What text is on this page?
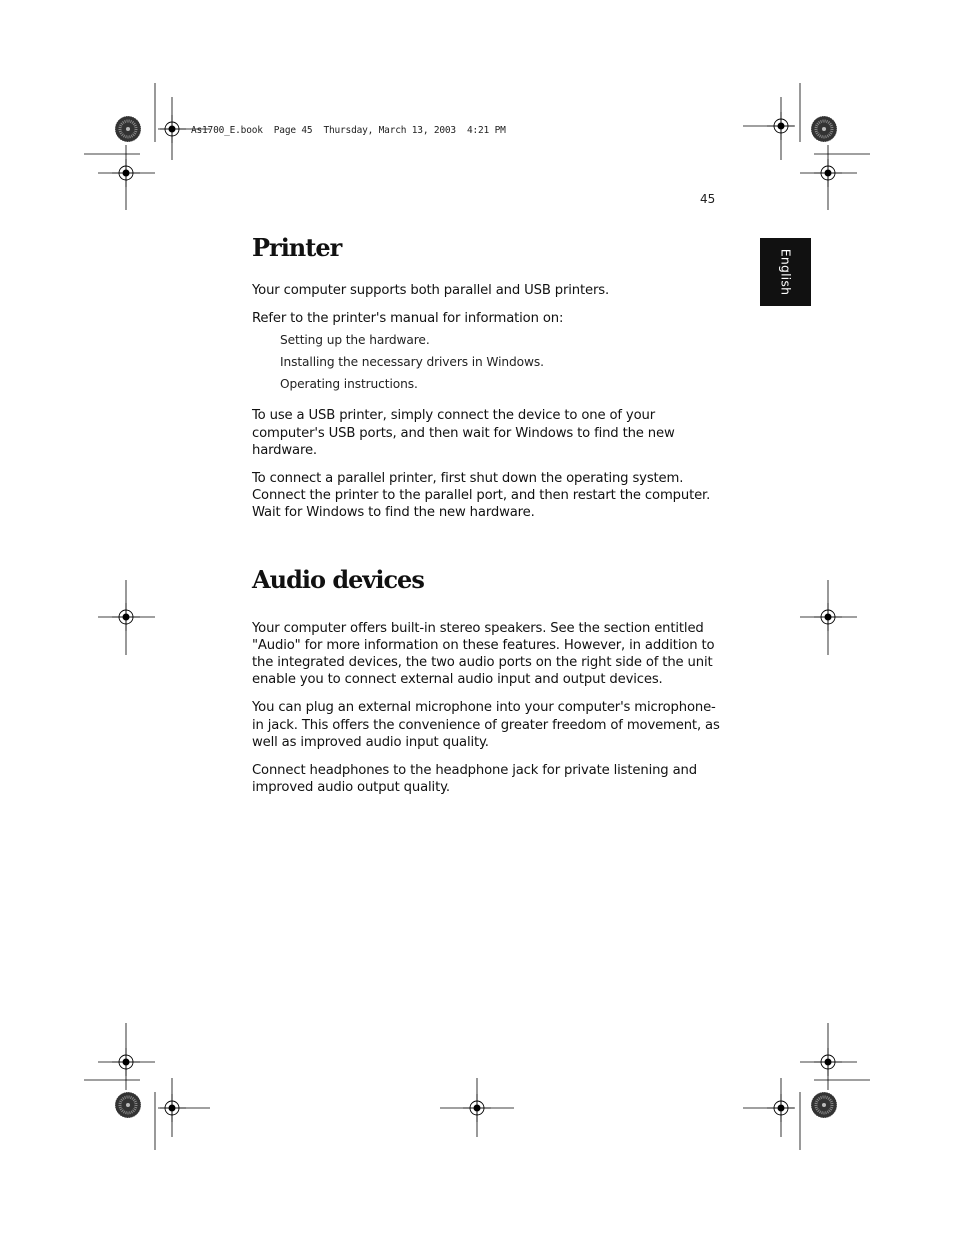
As1700_E.book  Page 45  Thursday, March 13, 2003  4:21 PM
45
English
Printer

Your computer supports both parallel and USB printers.

Refer to the printer's manual for information on:

Setting up the hardware.
Installing the necessary drivers in Windows.
Operating instructions.

To use a USB printer, simply connect the device to one of your computer's USB ports, and then wait for Windows to find the new hardware.

To connect a parallel printer, first shut down the operating system. Connect the printer to the parallel port, and then restart the computer. Wait for Windows to find the new hardware.

Audio devices

Your computer offers built-in stereo speakers. See the section entitled "Audio" for more information on these features. However, in addition to the integrated devices, the two audio ports on the right side of the unit enable you to connect external audio input and output devices.

You can plug an external microphone into your computer's microphone-in jack. This offers the convenience of greater freedom of movement, as well as improved audio input quality.

Connect headphones to the headphone jack for private listening and improved audio output quality.
